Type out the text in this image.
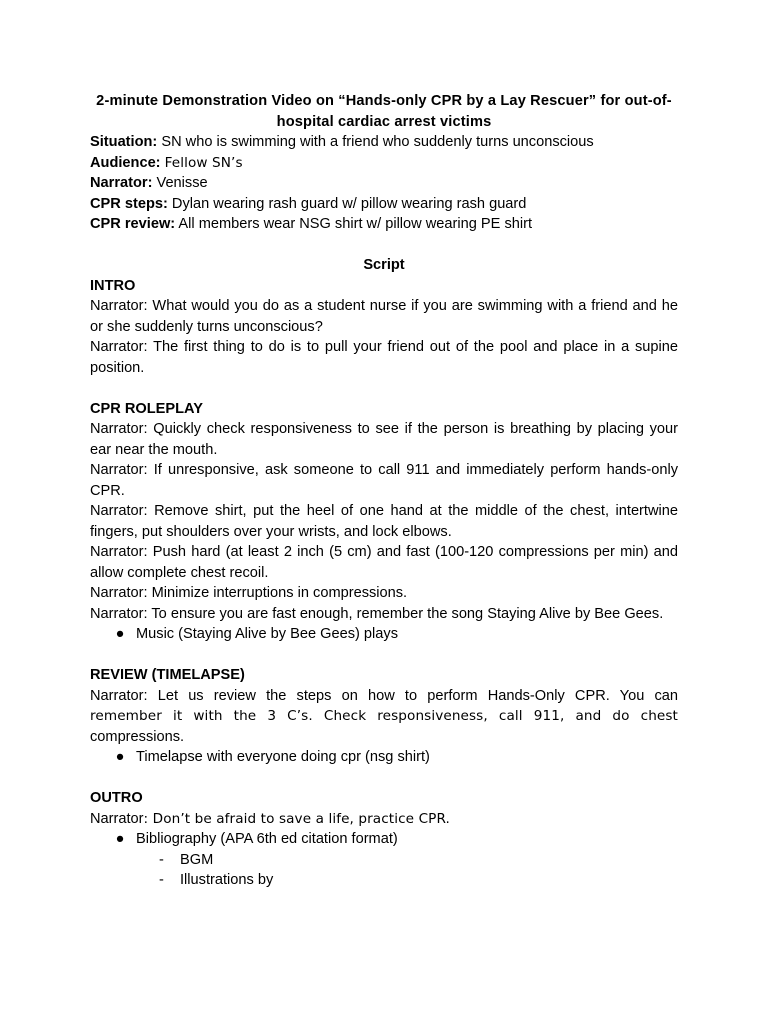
2-minute Demonstration Video on “Hands-only CPR by a Lay Rescuer” for out-of-
hospital cardiac arrest victims
Situation: SN who is swimming with a friend who suddenly turns unconscious
Audience: Fellow SN’s
Narrator: Venisse
CPR steps: Dylan wearing rash guard w/ pillow wearing rash guard
CPR review: All members wear NSG shirt w/ pillow wearing PE shirt
Script
INTRO
Narrator: What would you do as a student nurse if you are swimming with a friend and he or she suddenly turns unconscious?
Narrator: The first thing to do is to pull your friend out of the pool and place in a supine position.
CPR ROLEPLAY
Narrator: Quickly check responsiveness to see if the person is breathing by placing your ear near the mouth.
Narrator: If unresponsive, ask someone to call 911 and immediately perform hands-only CPR.
Narrator: Remove shirt, put the heel of one hand at the middle of the chest, intertwine fingers, put shoulders over your wrists, and lock elbows.
Narrator: Push hard (at least 2 inch (5 cm) and fast (100-120 compressions per min) and allow complete chest recoil.
Narrator: Minimize interruptions in compressions.
Narrator: To ensure you are fast enough, remember the song Staying Alive by Bee Gees.
● Music (Staying Alive by Bee Gees) plays
REVIEW (TIMELAPSE)
Narrator: Let us review the steps on how to perform Hands-Only CPR. You can
remember it with the 3 C’s. Check responsiveness, call 911, and do chest
compressions.
● Timelapse with everyone doing cpr (nsg shirt)
OUTRO
Narrator: Don’t be afraid to save a life, practice CPR.
● Bibliography (APA 6th ed citation format)
- BGM
- Illustrations by
